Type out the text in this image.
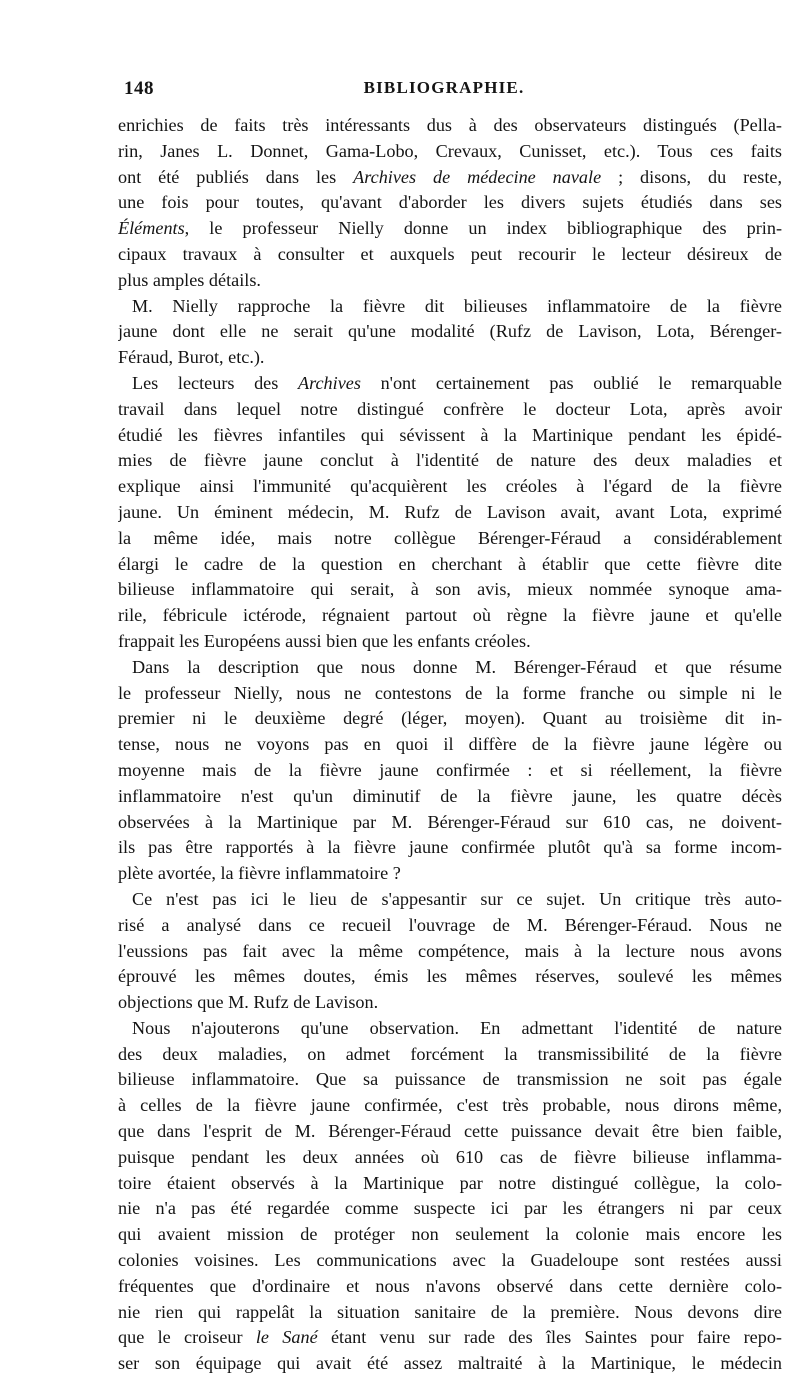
148	BIBLIOGRAPHIE.
enrichies de faits très intéressants dus à des observateurs distingués (Pella-
rin, Janes L. Donnet, Gama-Lobo, Crevaux, Cunisset, etc.). Tous ces faits
ont été publiés dans les Archives de médecine navale ; disons, du reste,
une fois pour toutes, qu'avant d'aborder les divers sujets étudiés dans ses
Éléments, le professeur Nielly donne un index bibliographique des prin-
cipaux travaux à consulter et auxquels peut recourir le lecteur désireux de
plus amples détails.
M. Nielly rapproche la fièvre dit bilieuses inflammatoire de la fièvre
jaune dont elle ne serait qu'une modalité (Rufz de Lavison, Lota, Bérenger-
Féraud, Burot, etc.).
Les lecteurs des Archives n'ont certainement pas oublié le remarquable
travail dans lequel notre distingué confrère le docteur Lota, après avoir
étudié les fièvres infantiles qui sévissent à la Martinique pendant les épidé-
mies de fièvre jaune conclut à l'identité de nature des deux maladies et
explique ainsi l'immunité qu'acquièrent les créoles à l'égard de la fièvre
jaune. Un éminent médecin, M. Rufz de Lavison avait, avant Lota, exprimé
la même idée, mais notre collègue Bérenger-Féraud a considérablement
élargi le cadre de la question en cherchant à établir que cette fièvre dite
bilieuse inflammatoire qui serait, à son avis, mieux nommée synoque ama-
rile, fébricule ictérode, régnaient partout où règne la fièvre jaune et qu'elle
frappait les Européens aussi bien que les enfants créoles.
Dans la description que nous donne M. Bérenger-Féraud et que résume
le professeur Nielly, nous ne contestons de la forme franche ou simple ni le
premier ni le deuxième degré (léger, moyen). Quant au troisième dit in-
tense, nous ne voyons pas en quoi il diffère de la fièvre jaune légère ou
moyenne mais de la fièvre jaune confirmée : et si réellement, la fièvre
inflammatoire n'est qu'un diminutif de la fièvre jaune, les quatre décès
observées à la Martinique par M. Bérenger-Féraud sur 610 cas, ne doivent-
ils pas être rapportés à la fièvre jaune confirmée plutôt qu'à sa forme incom-
plète avortée, la fièvre inflammatoire ?
Ce n'est pas ici le lieu de s'appesantir sur ce sujet. Un critique très auto-
risé a analysé dans ce recueil l'ouvrage de M. Bérenger-Féraud. Nous ne
l'eussions pas fait avec la même compétence, mais à la lecture nous avons
éprouvé les mêmes doutes, émis les mêmes réserves, soulevé les mêmes
objections que M. Rufz de Lavison.
Nous n'ajouterons qu'une observation. En admettant l'identité de nature
des deux maladies, on admet forcément la transmissibilité de la fièvre
bilieuse inflammatoire. Que sa puissance de transmission ne soit pas égale
à celles de la fièvre jaune confirmée, c'est très probable, nous dirons même,
que dans l'esprit de M. Bérenger-Féraud cette puissance devait être bien faible,
puisque pendant les deux années où 610 cas de fièvre bilieuse inflamma-
toire étaient observés à la Martinique par notre distingué collègue, la colo-
nie n'a pas été regardée comme suspecte ici par les étrangers ni par ceux
qui avaient mission de protéger non seulement la colonie mais encore les
colonies voisines. Les communications avec la Guadeloupe sont restées aussi
fréquentes que d'ordinaire et nous n'avons observé dans cette dernière colo-
nie rien qui rappelât la situation sanitaire de la première. Nous devons dire
que le croiseur le Sané étant venu sur rade des îles Saintes pour faire repo-
ser son équipage qui avait été assez maltraité à la Martinique, le médecin
